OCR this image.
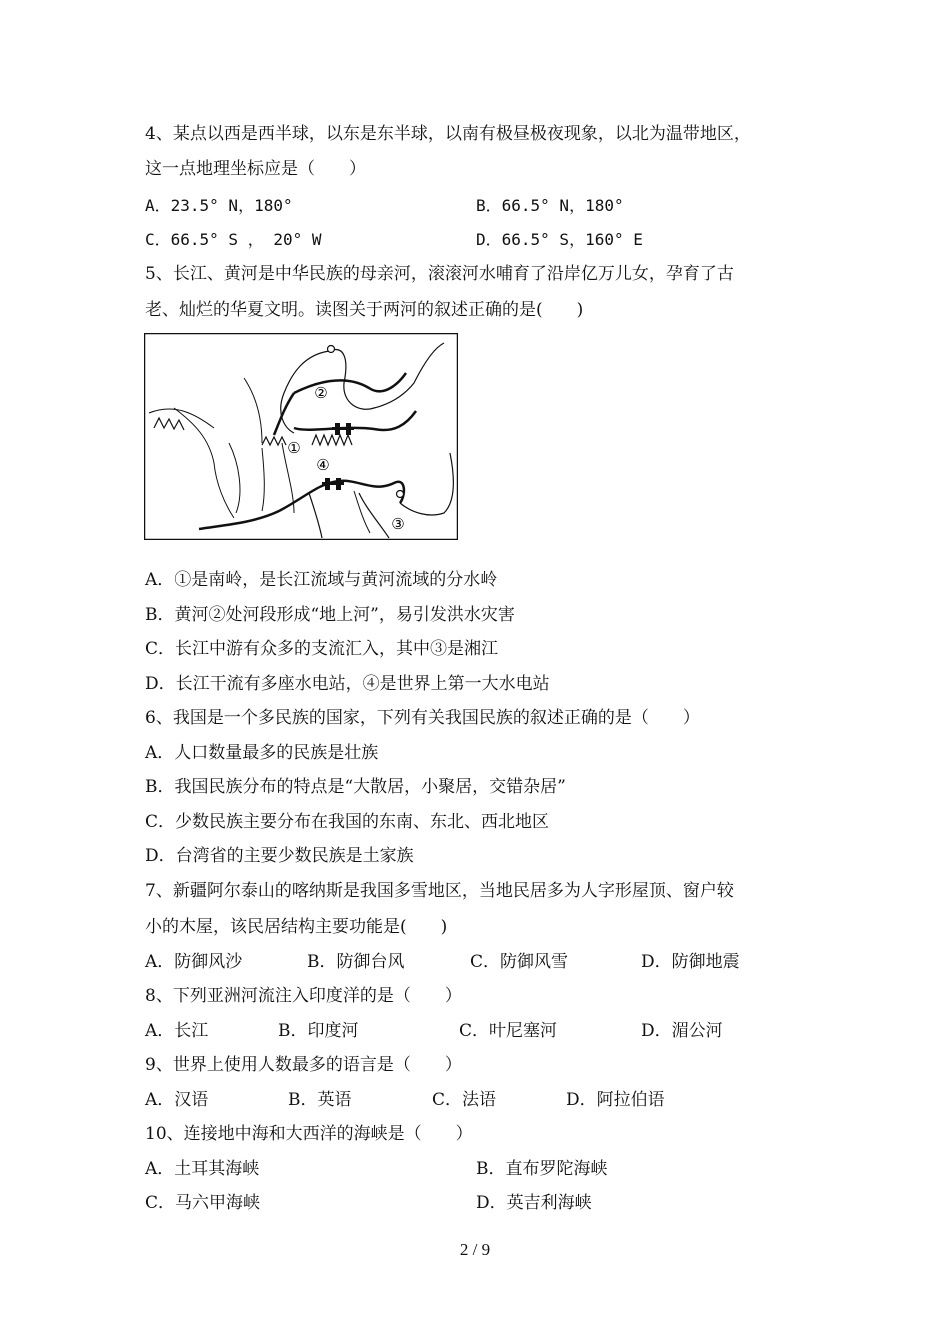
4、某点以西是西半球，以东是东半球，以南有极昼极夜现象，以北为温带地区，
这一点地理坐标应是（　　）
A．23.5° N，180°	B．66.5° N，180°
C．66.5° S ， 20° W	D．66.5° S，160° E
5、长江、黄河是中华民族的母亲河，滚滚河水哺育了沿岸亿万儿女，孕育了古
老、灿烂的华夏文明。读图关于两河的叙述正确的是(　　)
②
①
④
③
A．①是南岭，是长江流域与黄河流域的分水岭
B．黄河②处河段形成“地上河”，易引发洪水灾害
C．长江中游有众多的支流汇入，其中③是湘江
D．长江干流有多座水电站，④是世界上第一大水电站
6、我国是一个多民族的国家，下列有关我国民族的叙述正确的是（　　）
A．人口数量最多的民族是壮族
B．我国民族分布的特点是“大散居，小聚居，交错杂居”
C．少数民族主要分布在我国的东南、东北、西北地区
D．台湾省的主要少数民族是土家族
7、新疆阿尔泰山的喀纳斯是我国多雪地区，当地民居多为人字形屋顶、窗户较
小的木屋，该民居结构主要功能是(　　)
A．防御风沙	B．防御台风	C．防御风雪	D．防御地震
8、下列亚洲河流注入印度洋的是（　　）
A．长江	B．印度河	C．叶尼塞河	D．湄公河
9、世界上使用人数最多的语言是（　　）
A．汉语	B．英语	C．法语	D．阿拉伯语
10、连接地中海和大西洋的海峡是（　　）
A．土耳其海峡	B．直布罗陀海峡
C．马六甲海峡	D．英吉利海峡
2 / 9
